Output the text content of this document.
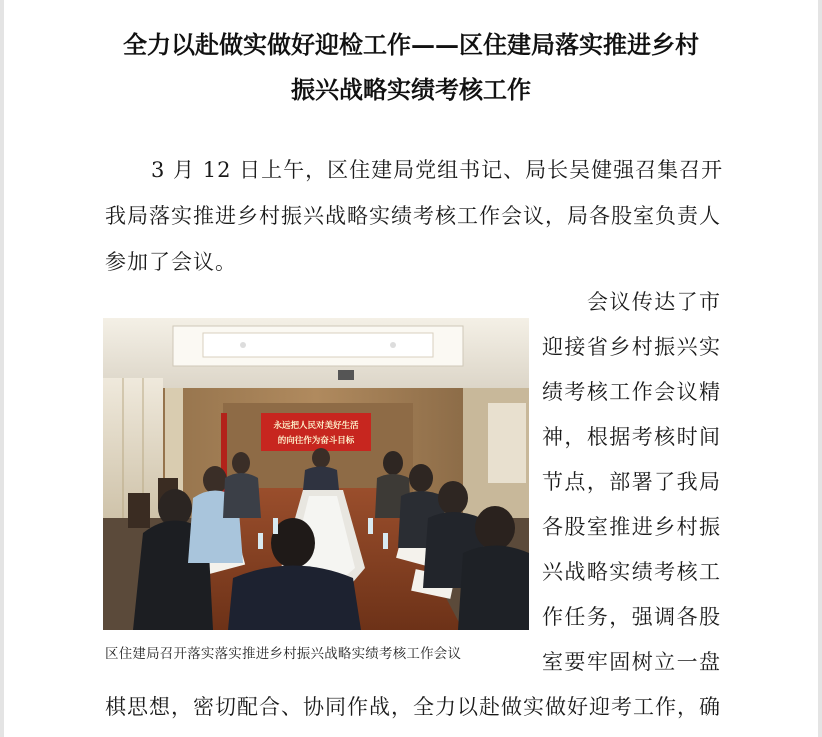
全力以赴做实做好迎检工作——区住建局落实推进乡村
振兴战略实绩考核工作
3 月 12 日上午，区住建局党组书记、局长吴健强召集召开
我局落实推进乡村振兴战略实绩考核工作会议，局各股室负责人
参加了会议。
会议传达了市
迎接省乡村振兴实
绩考核工作会议精
神，根据考核时间
节点，部署了我局
各股室推进乡村振
兴战略实绩考核工
作任务，强调各股
室要牢固树立一盘
棋思想，密切配合、协同作战，全力以赴做实做好迎考工作，确
永远把人民对美好生活
的向往作为奋斗目标
区住建局召开落实落实推进乡村振兴战略实绩考核工作会议
